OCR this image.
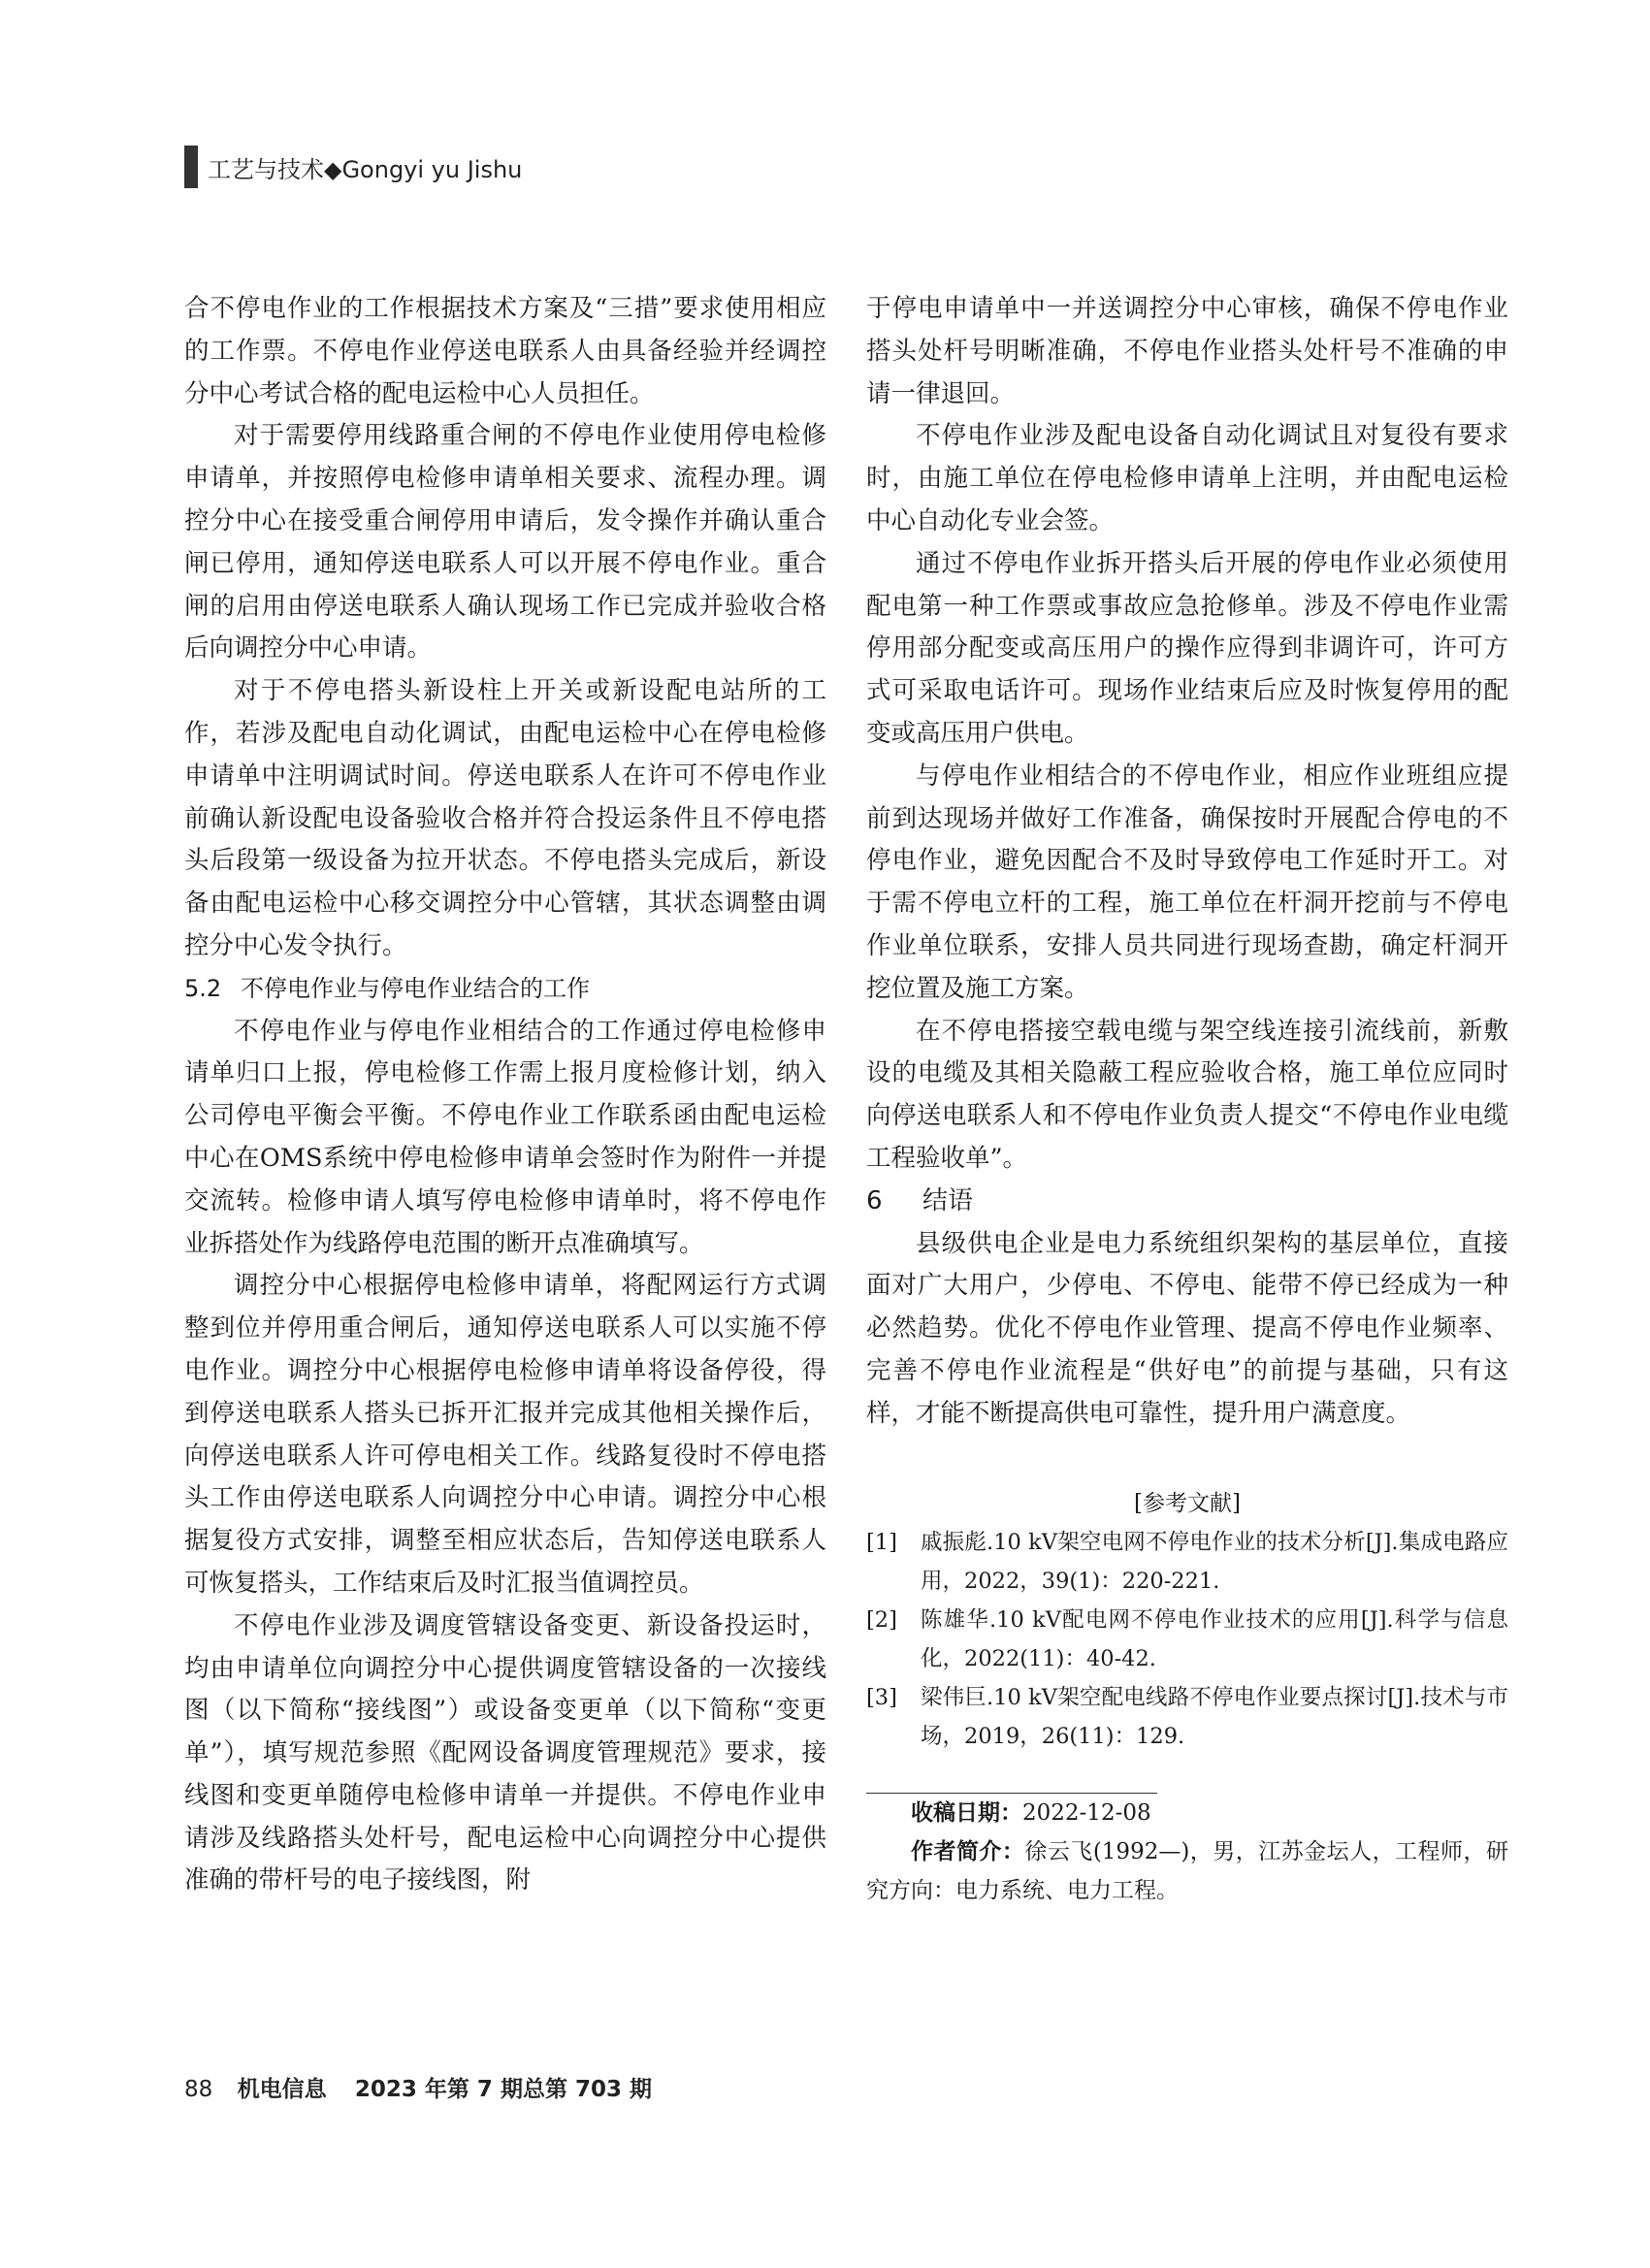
工艺与技术◆Gongyi yu Jishu

合不停电作业的工作根据技术方案及“三措”要求使用相应的工作票。不停电作业停送电联系人由具备经验并经调控分中心考试合格的配电运检中心人员担任。

对于需要停用线路重合闸的不停电作业使用停电检修申请单，并按照停电检修申请单相关要求、流程办理。调控分中心在接受重合闸停用申请后，发令操作并确认重合闸已停用，通知停送电联系人可以开展不停电作业。重合闸的启用由停送电联系人确认现场工作已完成并验收合格后向调控分中心申请。

对于不停电搭头新设柱上开关或新设配电站所的工作，若涉及配电自动化调试，由配电运检中心在停电检修申请单中注明调试时间。停送电联系人在许可不停电作业前确认新设配电设备验收合格并符合投运条件且不停电搭头后段第一级设备为拉开状态。不停电搭头完成后，新设备由配电运检中心移交调控分中心管辖，其状态调整由调控分中心发令执行。

5.2 不停电作业与停电作业结合的工作

不停电作业与停电作业相结合的工作通过停电检修申请单归口上报，停电检修工作需上报月度检修计划，纳入公司停电平衡会平衡。不停电作业工作联系函由配电运检中心在OMS系统中停电检修申请单会签时作为附件一并提交流转。检修申请人填写停电检修申请单时，将不停电作业拆搭处作为线路停电范围的断开点准确填写。

调控分中心根据停电检修申请单，将配网运行方式调整到位并停用重合闸后，通知停送电联系人可以实施不停电作业。调控分中心根据停电检修申请单将设备停役，得到停送电联系人搭头已拆开汇报并完成其他相关操作后，向停送电联系人许可停电相关工作。线路复役时不停电搭头工作由停送电联系人向调控分中心申请。调控分中心根据复役方式安排，调整至相应状态后，告知停送电联系人可恢复搭头，工作结束后及时汇报当值调控员。

不停电作业涉及调度管辖设备变更、新设备投运时，均由申请单位向调控分中心提供调度管辖设备的一次接线图（以下简称“接线图”）或设备变更单（以下简称“变更单”），填写规范参照《配网设备调度管理规范》要求，接线图和变更单随停电检修申请单一并提供。不停电作业申请涉及线路搭头处杆号，配电运检中心向调控分中心提供准确的带杆号的电子接线图，附

于停电申请单中一并送调控分中心审核，确保不停电作业搭头处杆号明晰准确，不停电作业搭头处杆号不准确的申请一律退回。

不停电作业涉及配电设备自动化调试且对复役有要求时，由施工单位在停电检修申请单上注明，并由配电运检中心自动化专业会签。

通过不停电作业拆开搭头后开展的停电作业必须使用配电第一种工作票或事故应急抢修单。涉及不停电作业需停用部分配变或高压用户的操作应得到非调许可，许可方式可采取电话许可。现场作业结束后应及时恢复停用的配变或高压用户供电。

与停电作业相结合的不停电作业，相应作业班组应提前到达现场并做好工作准备，确保按时开展配合停电的不停电作业，避免因配合不及时导致停电工作延时开工。对于需不停电立杆的工程，施工单位在杆洞开挖前与不停电作业单位联系，安排人员共同进行现场查勘，确定杆洞开挖位置及施工方案。

在不停电搭接空载电缆与架空线连接引流线前，新敷设的电缆及其相关隐蔽工程应验收合格，施工单位应同时向停送电联系人和不停电作业负责人提交“不停电作业电缆工程验收单”。

6 结语

县级供电企业是电力系统组织架构的基层单位，直接面对广大用户，少停电、不停电、能带不停已经成为一种必然趋势。优化不停电作业管理、提高不停电作业频率、完善不停电作业流程是“供好电”的前提与基础，只有这样，才能不断提高供电可靠性，提升用户满意度。

[参考文献]
[1]	戚振彪.10 kV架空电网不停电作业的技术分析[J].集成电路应用，2022，39(1)：220-221.
[2]	陈雄华.10 kV配电网不停电作业技术的应用[J].科学与信息化，2022(11)：40-42.
[3]	梁伟巨.10 kV架空配电线路不停电作业要点探讨[J].技术与市场，2019，26(11)：129.

收稿日期：2022-12-08

作者简介：徐云飞(1992—)，男，江苏金坛人，工程师，研究方向：电力系统、电力工程。

88 机电信息 2023 年第 7 期总第 703 期
